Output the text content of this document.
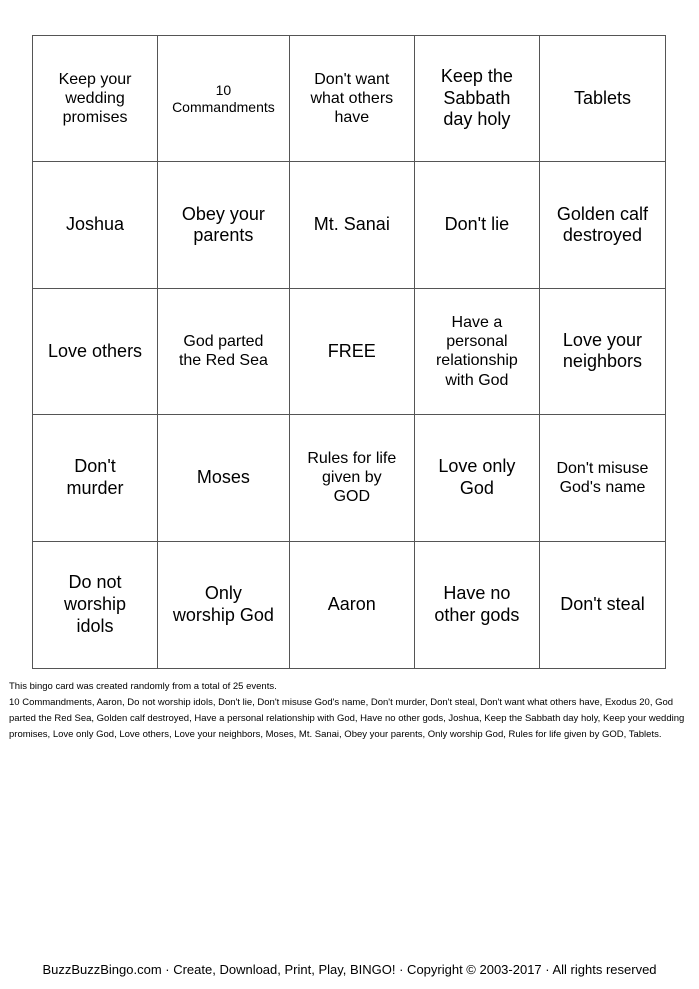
Keep your wedding promises
10 Commandments
Don't want what others have
Keep the Sabbath day holy
Tablets
Joshua
Obey your parents
Mt. Sanai	Don't lie
Golden calf destroyed
Love others	God parted the Red Sea
FREE
Have a personal relationship with God
Love your neighbors
Don't murder
Moses
Rules for life given by GOD
Love only God
Don't misuse God's name
Do not worship idols
Only worship God
Aaron
Have no other gods
Don't steal
This bingo card was created randomly from a total of 25 events.
10 Commandments, Aaron, Do not worship idols, Don't lie, Don't misuse God's name, Don't murder, Don't steal, Don't want what others have, Exodus 20, God parted the Red Sea, Golden calf destroyed, Have a personal relationship with God, Have no other gods, Joshua, Keep the Sabbath day holy, Keep your wedding promises, Love only God, Love others, Love your neighbors, Moses, Mt. Sanai, Obey your parents, Only worship God, Rules for life given by GOD, Tablets.
BuzzBuzzBingo.com · Create, Download, Print, Play, BINGO! · Copyright © 2003-2017 · All rights reserved
